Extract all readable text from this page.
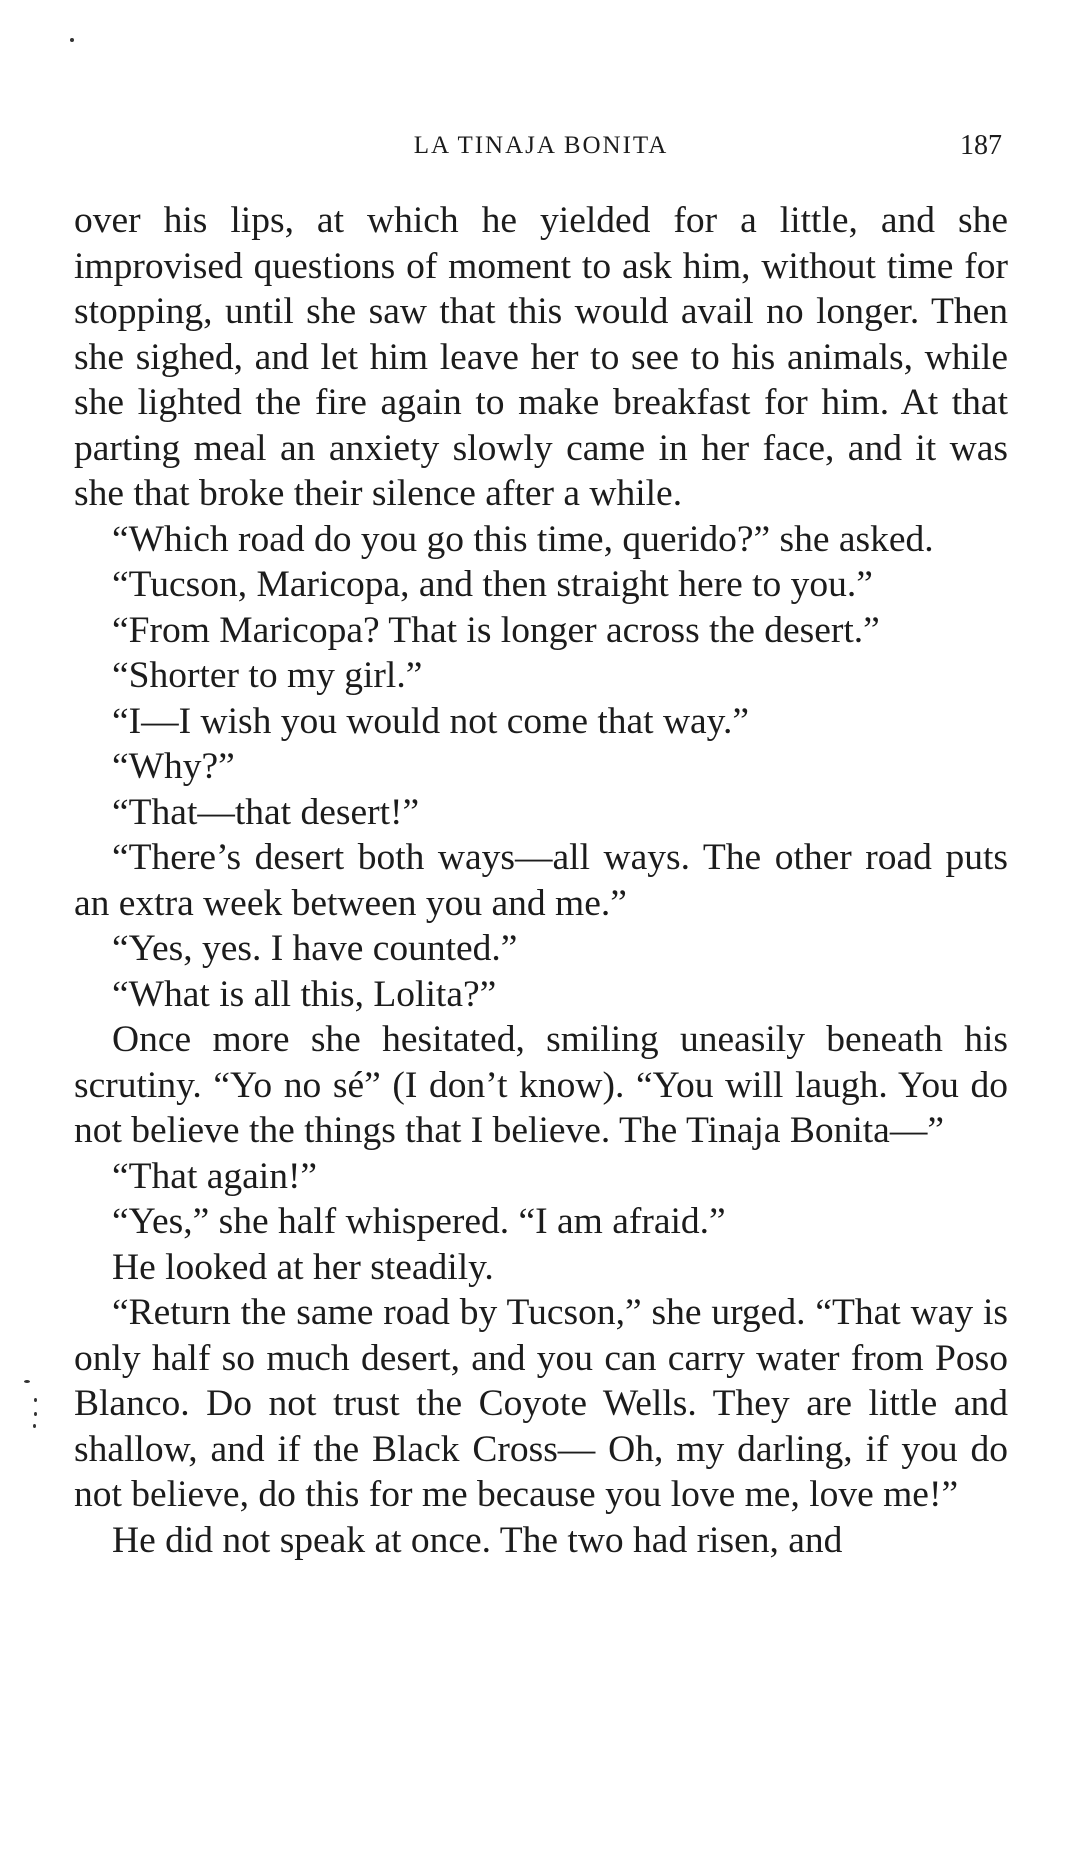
LA TINAJA BONITA	187

over his lips, at which he yielded for a little, and she improvised questions of moment to ask him, without time for stopping, until she saw that this would avail no longer. Then she sighed, and let him leave her to see to his animals, while she lighted the fire again to make breakfast for him. At that parting meal an anxiety slowly came in her face, and it was she that broke their silence after a while.

“Which road do you go this time, querido?” she asked.

“Tucson, Maricopa, and then straight here to you.”

“From Maricopa? That is longer across the desert.”

“Shorter to my girl.”

“I—I wish you would not come that way.”

“Why?”

“That—that desert!”

“There’s desert both ways—all ways. The other road puts an extra week between you and me.”

“Yes, yes. I have counted.”

“What is all this, Lolita?”

Once more she hesitated, smiling uneasily beneath his scrutiny. “Yo no sé” (I don’t know). “You will laugh. You do not believe the things that I believe. The Tinaja Bonita—”

“That again!”

“Yes,” she half whispered. “I am afraid.”

He looked at her steadily.

“Return the same road by Tucson,” she urged. “That way is only half so much desert, and you can carry water from Poso Blanco. Do not trust the Coyote Wells. They are little and shallow, and if the Black Cross— Oh, my darling, if you do not believe, do this for me because you love me, love me!”

He did not speak at once. The two had risen, and
